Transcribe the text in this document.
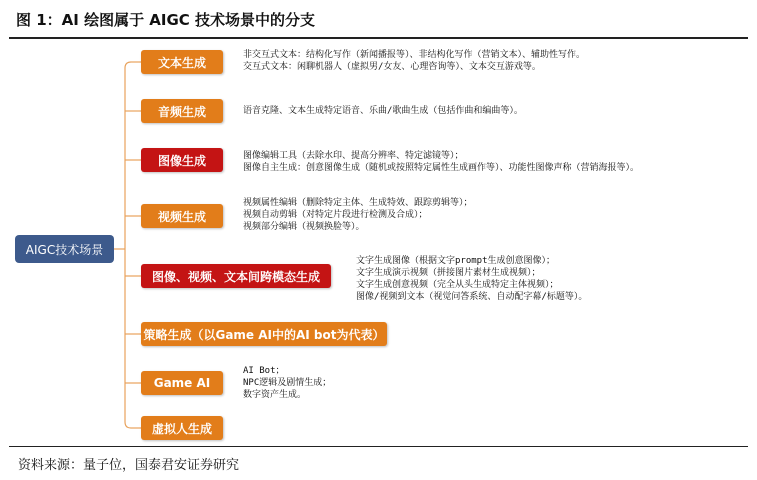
图 1：AI 绘图属于 AIGC 技术场景中的分支
AIGC技术场景
文本生成
非交互式文本：结构化写作（新闻播报等）、非结构化写作（营销文本）、辅助性写作。
交互式文本：闲聊机器人（虚拟男/女友、心理咨询等）、文本交互游戏等。
音频生成	语音克隆、文本生成特定语音、乐曲/歌曲生成（包括作曲和编曲等）。
图像生成	图像编辑工具（去除水印、提高分辨率、特定滤镜等）；
图像自主生成：创意图像生成（随机或按照特定属性生成画作等）、功能性图像声称（营销海报等）。
视频生成
视频属性编辑（删除特定主体、生成特效、跟踪剪辑等）；
视频自动剪辑（对特定片段进行检测及合成）；
视频部分编辑（视频换脸等）。
图像、视频、文本间跨模态生成
文字生成图像（根据文字prompt生成创意图像）；
文字生成演示视频（拼接图片素材生成视频）；
文字生成创意视频（完全从头生成特定主体视频）；
图像/视频到文本（视觉问答系统、自动配字幕/标题等）。
策略生成（以Game AI中的AI bot为代表）
Game AI
AI Bot；
NPC逻辑及剧情生成；
数字资产生成。
虚拟人生成
资料来源：量子位，国泰君安证券研究
